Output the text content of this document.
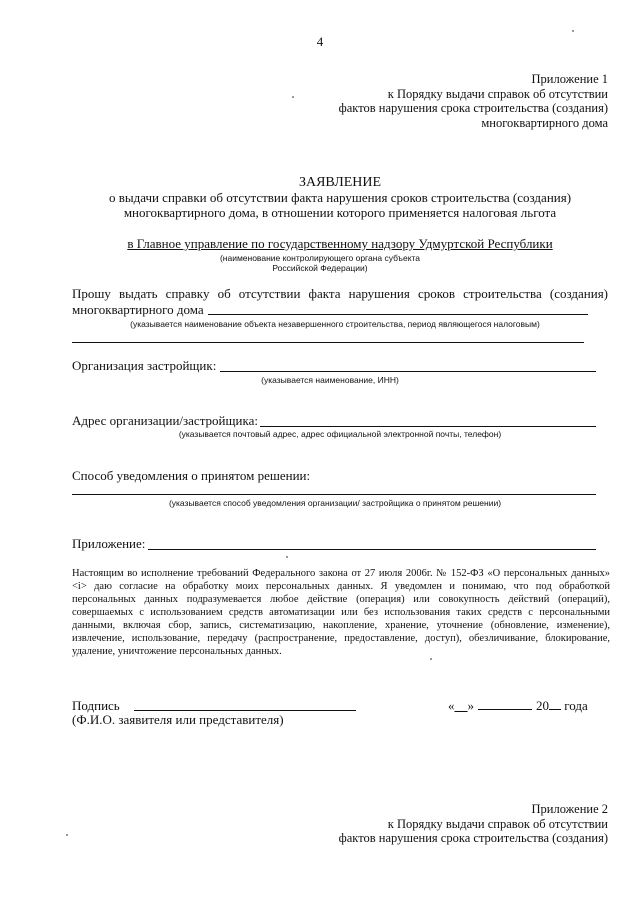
4
Приложение 1
к Порядку выдачи справок об отсутствии
фактов нарушения срока строительства (создания)
многоквартирного дома
ЗАЯВЛЕНИЕ
о выдачи справки об отсутствии факта нарушения сроков строительства (создания)
многоквартирного дома, в отношении которого применяется налоговая льгота
в Главное управление по государственному надзору Удмуртской Республики
(наименование контролирующего органа субъекта
Российской Федерации)
Прошу выдать справку об отсутствии факта нарушения сроков строительства (создания)
многоквартирного дома
(указывается наименование объекта незавершенного строительства, период являющегося налоговым)
Организация застройщик:
(указывается наименование, ИНН)
Адрес организации/застройщика:
(указывается почтовый адрес, адрес официальной электронной почты, телефон)
Способ уведомления о принятом решении:
(указывается способ уведомления организации/ застройщика о принятом решении)
Приложение:
Настоящим во исполнение требований Федерального закона от 27 июля 2006г. № 152-ФЗ «О персональных данных» <i> даю согласие на обработку моих персональных данных. Я уведомлен и понимаю, что под обработкой персональных данных подразумевается любое действие (операция) или совокупность действий (операций), совершаемых с использованием средств автоматизации или без использования таких средств с персональными данными, включая сбор, запись, систематизацию, накопление, хранение, уточнение (обновление, изменение), извлечение, использование, передачу (распространение, предоставление, доступ), обезличивание, блокирование, удаление, уничтожение персональных данных.
Подпись
(Ф.И.О. заявителя или представителя)
«__»	20 года
Приложение 2
к Порядку выдачи справок об отсутствии
фактов нарушения срока строительства (создания)
